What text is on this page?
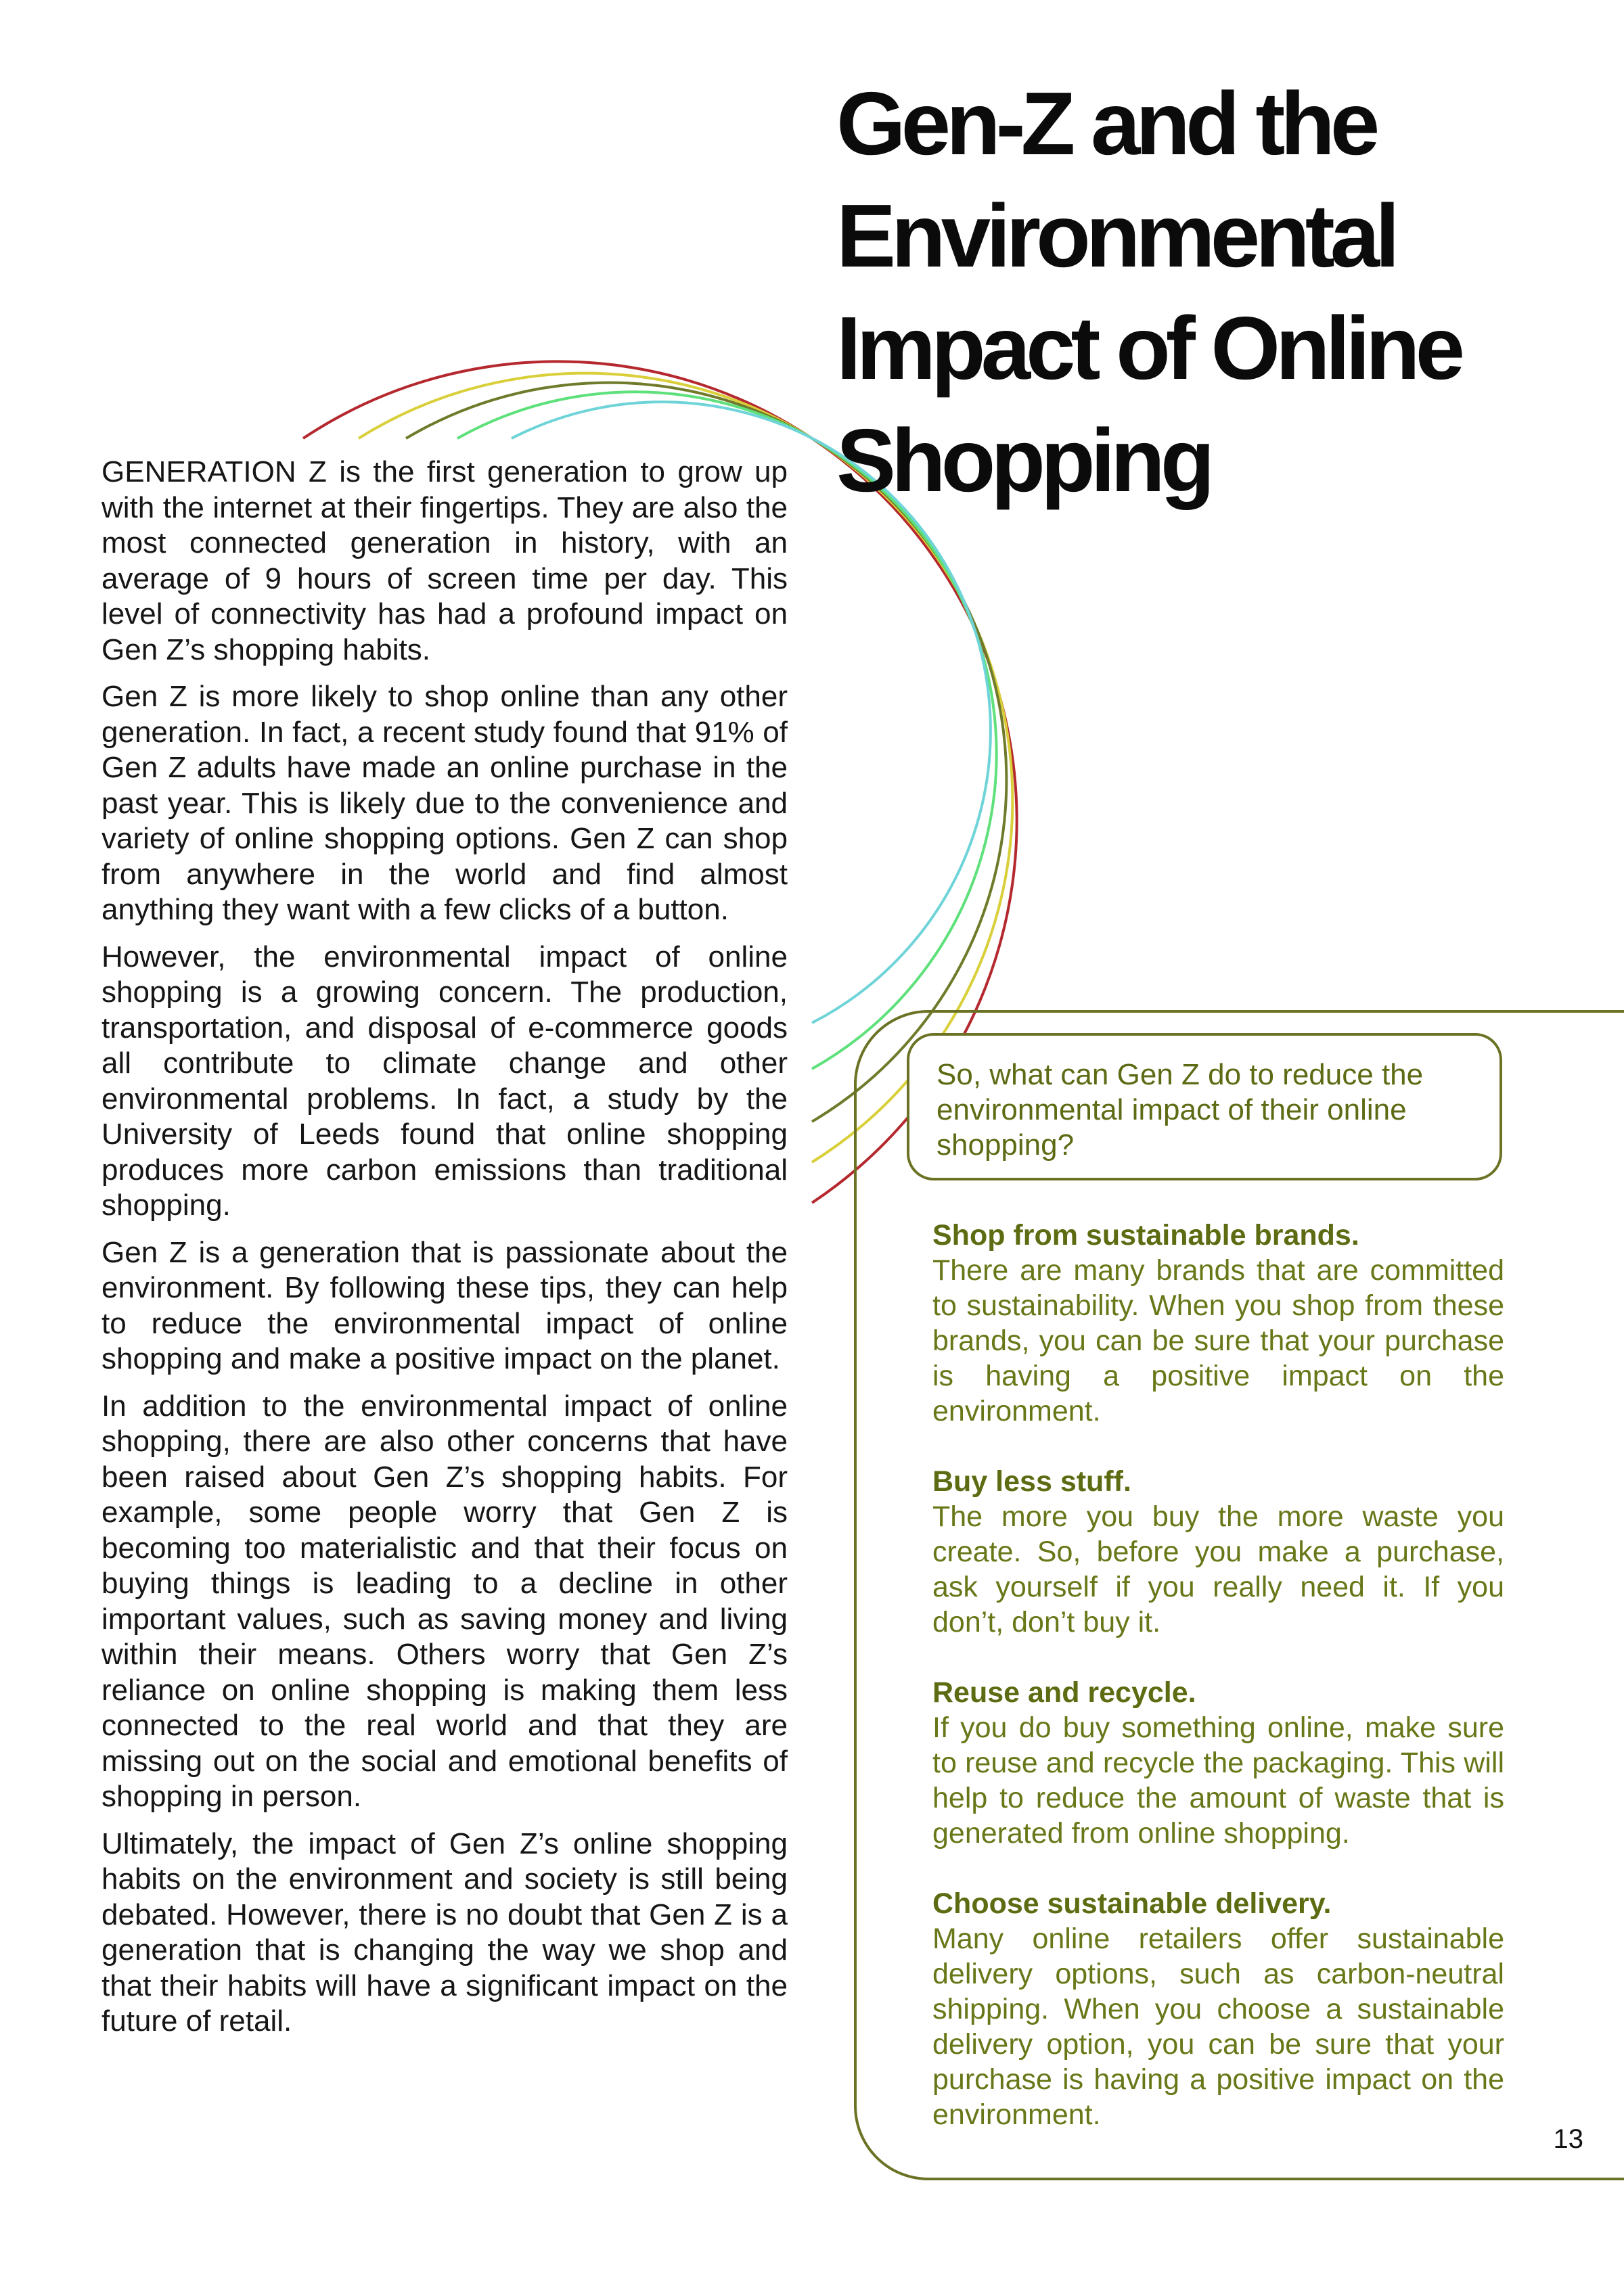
Gen-Z and the Environmental Impact of Online Shopping

GENERATION Z is the first generation to grow up with the internet at their fingertips. They are also the most connected generation in history, with an average of 9 hours of screen time per day. This level of connectivity has had a profound impact on Gen Z’s shopping habits.

Gen Z is more likely to shop online than any other generation. In fact, a recent study found that 91% of Gen Z adults have made an online purchase in the past year. This is likely due to the convenience and variety of online shopping options. Gen Z can shop from anywhere in the world and find almost anything they want with a few clicks of a button.

However, the environmental impact of online shopping is a growing concern. The production, transportation, and disposal of e-commerce goods all contribute to climate change and other environmental problems. In fact, a study by the University of Leeds found that online shopping produces more carbon emissions than traditional shopping.

Gen Z is a generation that is passionate about the environment. By following these tips, they can help to reduce the environmental impact of online shopping and make a positive impact on the planet.

In addition to the environmental impact of online shopping, there are also other concerns that have been raised about Gen Z’s shopping habits. For example, some people worry that Gen Z is becoming too materialistic and that their focus on buying things is leading to a decline in other important values, such as saving money and living within their means. Others worry that Gen Z’s reliance on online shopping is making them less connected to the real world and that they are missing out on the social and emotional benefits of shopping in person.

Ultimately, the impact of Gen Z’s online shopping habits on the environment and society is still being debated. However, there is no doubt that Gen Z is a generation that is changing the way we shop and that their habits will have a significant impact on the future of retail.

So, what can Gen Z do to reduce the environmental impact of their online shopping?

Shop from sustainable brands.
There are many brands that are committed to sustainability. When you shop from these brands, you can be sure that your purchase is having a positive impact on the environment.
Buy less stuff.
The more you buy the more waste you create. So, before you make a purchase, ask yourself if you really need it. If you don’t, don’t buy it.
Reuse and recycle.
If you do buy something online, make sure to reuse and recycle the packaging. This will help to reduce the amount of waste that is generated from online shopping.
Choose sustainable delivery.
Many online retailers offer sustainable delivery options, such as carbon-neutral shipping. When you choose a sustainable delivery option, you can be sure that your purchase is having a positive impact on the environment.
13
